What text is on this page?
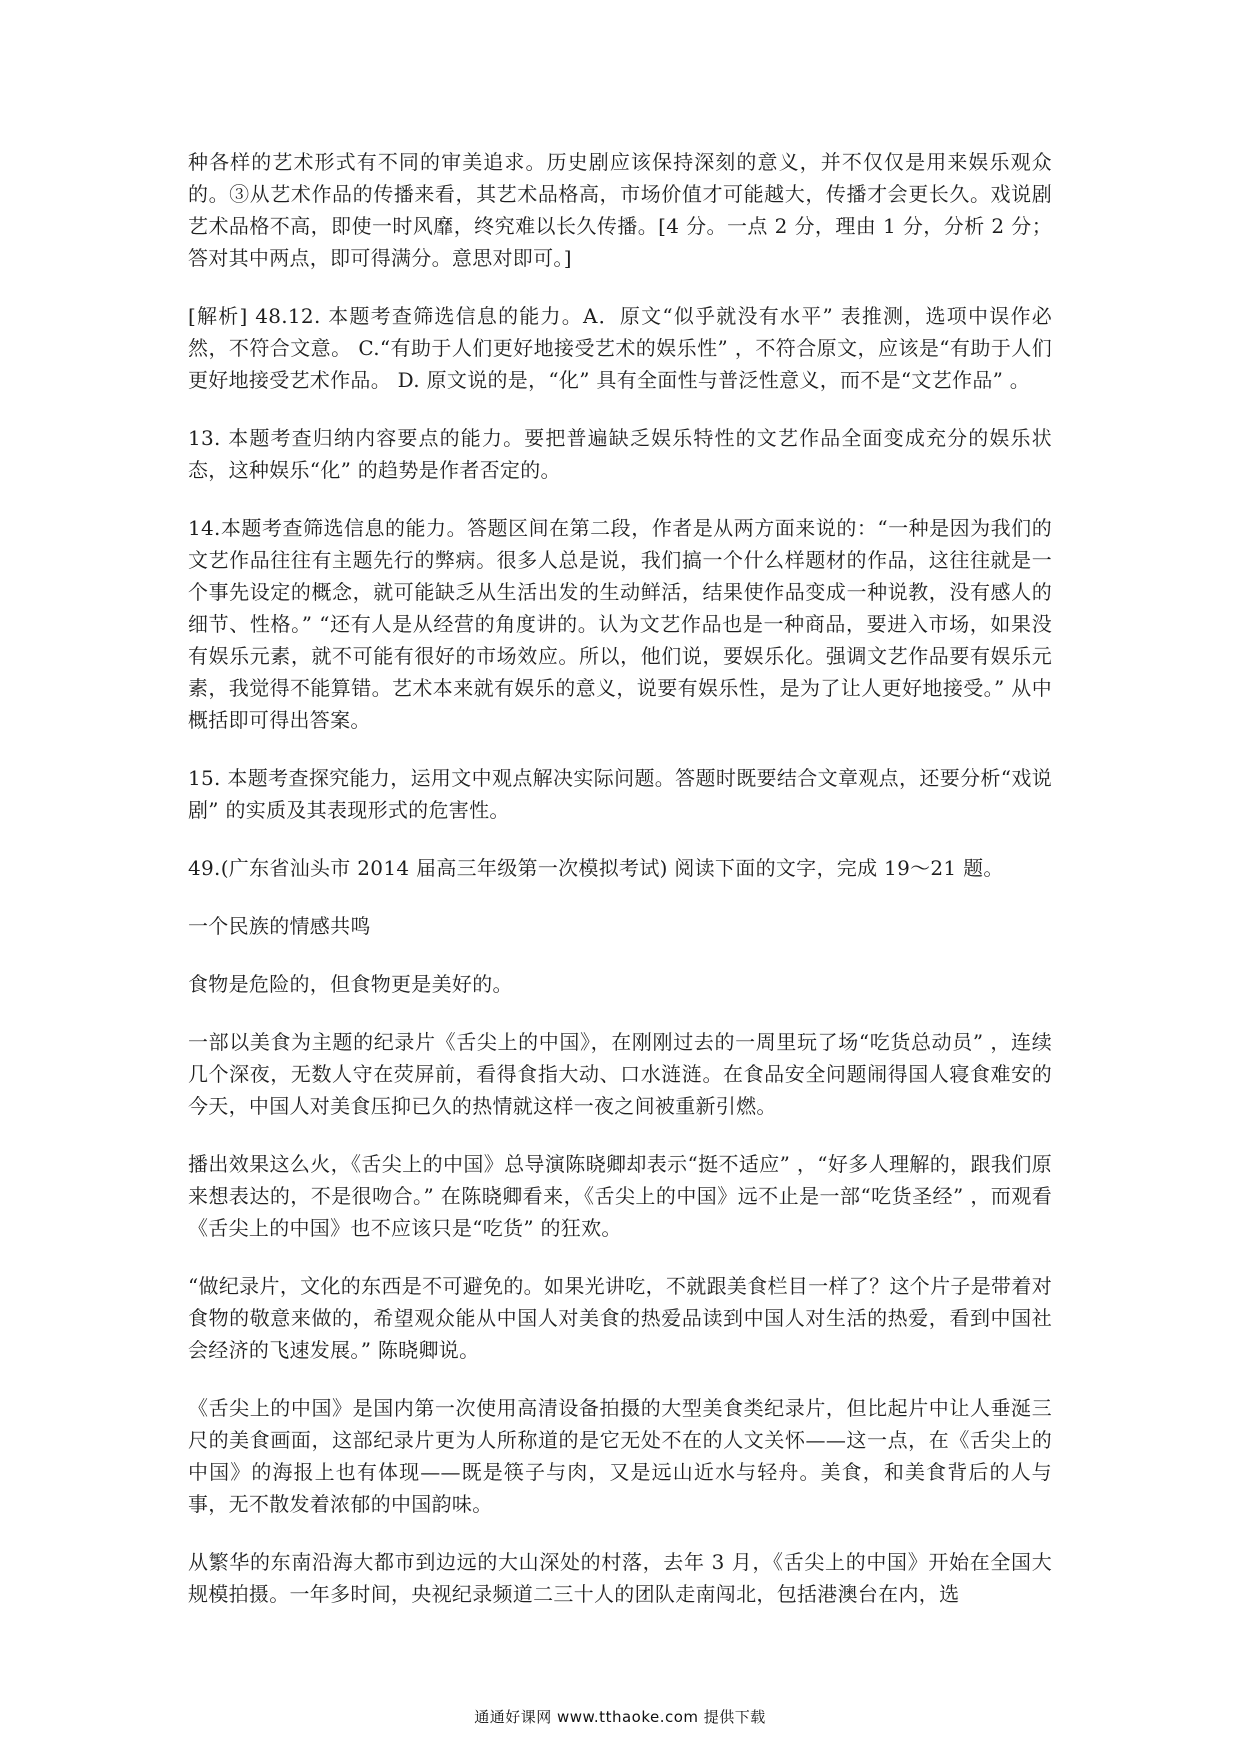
种各样的艺术形式有不同的审美追求。历史剧应该保持深刻的意义，并不仅仅是用来娱乐观众的。③从艺术作品的传播来看，其艺术品格高，市场价值才可能越大，传播才会更长久。戏说剧艺术品格不高，即使一时风靡，终究难以长久传播。[4 分。一点 2 分，理由 1 分，分析 2 分；答对其中两点，即可得满分。意思对即可。]

[解析] 48.12. 本题考查筛选信息的能力。A．原文“似乎就没有水平” 表推测，选项中误作必然，不符合文意。 C.“有助于人们更好地接受艺术的娱乐性” ，不符合原文，应该是“有助于人们更好地接受艺术作品。 D. 原文说的是，“化” 具有全面性与普泛性意义，而不是“文艺作品” 。

13. 本题考查归纳内容要点的能力。要把普遍缺乏娱乐特性的文艺作品全面变成充分的娱乐状态，这种娱乐“化” 的趋势是作者否定的。

14.本题考查筛选信息的能力。答题区间在第二段，作者是从两方面来说的：“一种是因为我们的文艺作品往往有主题先行的弊病。很多人总是说，我们搞一个什么样题材的作品，这往往就是一个事先设定的概念，就可能缺乏从生活出发的生动鲜活，结果使作品变成一种说教，没有感人的细节、性格。” “还有人是从经营的角度讲的。认为文艺作品也是一种商品，要进入市场，如果没有娱乐元素，就不可能有很好的市场效应。所以，他们说，要娱乐化。强调文艺作品要有娱乐元素，我觉得不能算错。艺术本来就有娱乐的意义，说要有娱乐性，是为了让人更好地接受。” 从中概括即可得出答案。

15. 本题考查探究能力，运用文中观点解决实际问题。答题时既要结合文章观点，还要分析“戏说剧” 的实质及其表现形式的危害性。

49.(广东省汕头市 2014 届高三年级第一次模拟考试) 阅读下面的文字，完成 19～21 题。

一个民族的情感共鸣

食物是危险的，但食物更是美好的。

一部以美食为主题的纪录片《舌尖上的中国》，在刚刚过去的一周里玩了场“吃货总动员” ，连续几个深夜，无数人守在荧屏前，看得食指大动、口水涟涟。在食品安全问题闹得国人寝食难安的今天，中国人对美食压抑已久的热情就这样一夜之间被重新引燃。

播出效果这么火，《舌尖上的中国》总导演陈晓卿却表示“挺不适应” ，“好多人理解的，跟我们原来想表达的，不是很吻合。” 在陈晓卿看来，《舌尖上的中国》远不止是一部“吃货圣经” ，而观看《舌尖上的中国》也不应该只是“吃货” 的狂欢。

“做纪录片，文化的东西是不可避免的。如果光讲吃，不就跟美食栏目一样了？这个片子是带着对食物的敬意来做的，希望观众能从中国人对美食的热爱品读到中国人对生活的热爱，看到中国社会经济的飞速发展。” 陈晓卿说。

《舌尖上的中国》是国内第一次使用高清设备拍摄的大型美食类纪录片，但比起片中让人垂涎三尺的美食画面，这部纪录片更为人所称道的是它无处不在的人文关怀——这一点，在《舌尖上的中国》的海报上也有体现——既是筷子与肉，又是远山近水与轻舟。美食，和美食背后的人与事，无不散发着浓郁的中国韵味。

从繁华的东南沿海大都市到边远的大山深处的村落，去年 3 月，《舌尖上的中国》开始在全国大规模拍摄。一年多时间，央视纪录频道二三十人的团队走南闯北，包括港澳台在内，选

通通好课网 www.tthaoke.com 提供下载
